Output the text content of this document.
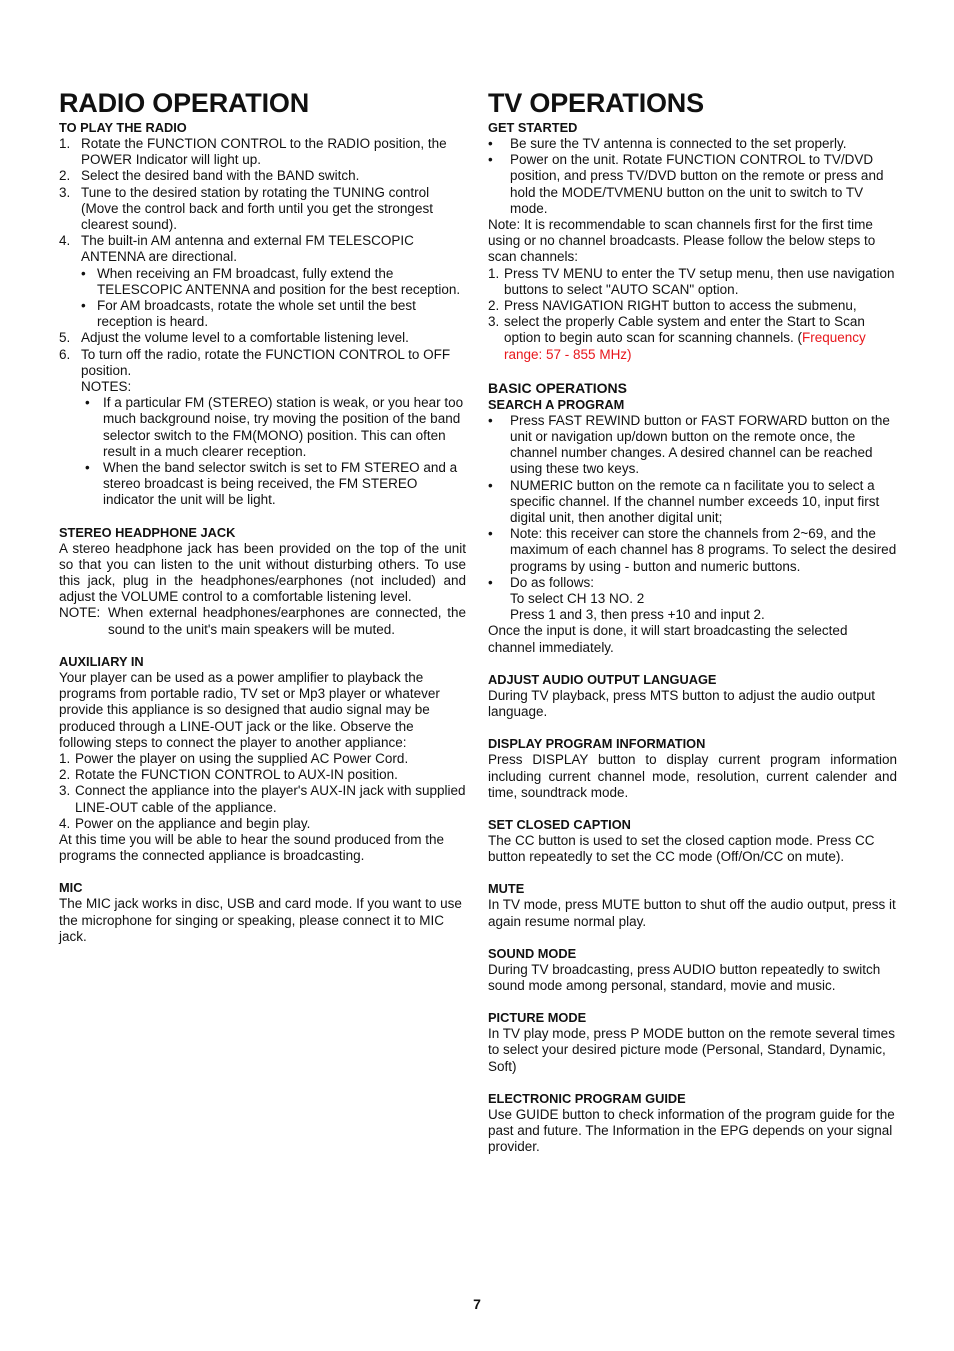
RADIO OPERATION
TO PLAY THE RADIO
1. Rotate the FUNCTION CONTROL to the RADIO position, the POWER Indicator will light up.
2. Select the desired band with the BAND switch.
3. Tune to the desired station by rotating the TUNING control (Move the control back and forth until you get the strongest clearest sound).
4. The built-in AM antenna and external FM TELESCOPIC ANTENNA are directional.
• When receiving an FM broadcast, fully extend the TELESCOPIC ANTENNA and position for the best reception.
• For AM broadcasts, rotate the whole set until the best reception is heard.
5. Adjust the volume level to a comfortable listening level.
6. To turn off the radio, rotate the FUNCTION CONTROL to OFF position.

NOTES:

• If a particular FM (STEREO) station is weak, or you hear too much background noise, try moving the position of the band selector switch to the FM(MONO) position. This can often result in a much clearer reception.
• When the band selector switch is set to FM STEREO and a stereo broadcast is being received, the FM STEREO indicator the unit will be light.
STEREO HEADPHONE JACK

A stereo headphone jack has been provided on the top of the unit so that you can listen to the unit without disturbing others. To use this jack, plug in the headphones/earphones (not included) and adjust the VOLUME control to a comfortable listening level.

NOTE: When external headphones/earphones are connected, the sound to the unit's main speakers will be muted.
AUXILIARY IN

Your player can be used as a power amplifier to playback the programs from portable radio, TV set or Mp3 player or whatever provide this appliance is so designed that audio signal may be produced through a LINE-OUT jack or the like. Observe the following steps to connect the player to another appliance:

1. Power the player on using the supplied AC Power Cord.
2. Rotate the FUNCTION CONTROL to AUX-IN position.
3. Connect the appliance into the player's AUX-IN jack with supplied LINE-OUT cable of the appliance.
4. Power on the appliance and begin play.

At this time you will be able to hear the sound produced from the programs the connected appliance is broadcasting.

MIC

The MIC jack works in disc, USB and card mode. If you want to use the microphone for singing or speaking, please connect it to MIC jack.

TV OPERATIONS
GET STARTED
•	Be sure the TV antenna is connected to the set properly.
•	Power on the unit. Rotate FUNCTION CONTROL to TV/DVD position, and press TV/DVD button on the remote or press and hold the MODE/TVMENU button on the unit to switch to TV mode.

Note: It is recommendable to scan channels first for the first time using or no channel broadcasts. Please follow the below steps to scan channels:

1. Press TV MENU to enter the TV setup menu, then use navigation buttons to select "AUTO SCAN" option.
2. Press NAVIGATION RIGHT button to access the submenu,
3. select the properly Cable system and enter the Start to Scan option to begin auto scan for scanning channels. (Frequency range: 57 - 855 MHz)
BASIC OPERATIONS
SEARCH A PROGRAM
•	Press FAST REWIND button or FAST FORWARD button on the unit or navigation up/down button on the remote once, the channel number changes. A desired channel can be reached using these two keys.
•	NUMERIC button on the remote ca n facilitate you to select a specific channel. If the channel number exceeds 10, input first digital unit, then another digital unit;
•	Note: this receiver can store the channels from 2~69, and the maximum of each channel has 8 programs. To select the desired programs by using - button and numeric buttons.
•	Do as follows:

To select CH 13 NO. 2

Press 1 and 3, then press +10 and input 2.

Once the input is done, it will start broadcasting the selected channel immediately.

ADJUST AUDIO OUTPUT LANGUAGE

During TV playback, press MTS button to adjust the audio output language.

DISPLAY PROGRAM INFORMATION

Press DISPLAY button to display current program information including current channel mode, resolution, current calender and time, soundtrack mode.

SET CLOSED CAPTION

The CC button is used to set the closed caption mode. Press CC button repeatedly to set the CC mode (Off/On/CC on mute).

MUTE

In TV mode, press MUTE button to shut off the audio output, press it again resume normal play.

SOUND MODE

During TV broadcasting, press AUDIO button repeatedly to switch sound mode among personal, standard, movie and music.

PICTURE MODE

In TV play mode, press P MODE button on the remote several times to select your desired picture mode (Personal, Standard, Dynamic, Soft)

ELECTRONIC PROGRAM GUIDE

Use GUIDE button to check information of the program guide for the past and future. The Information in the EPG depends on your signal provider.

7
